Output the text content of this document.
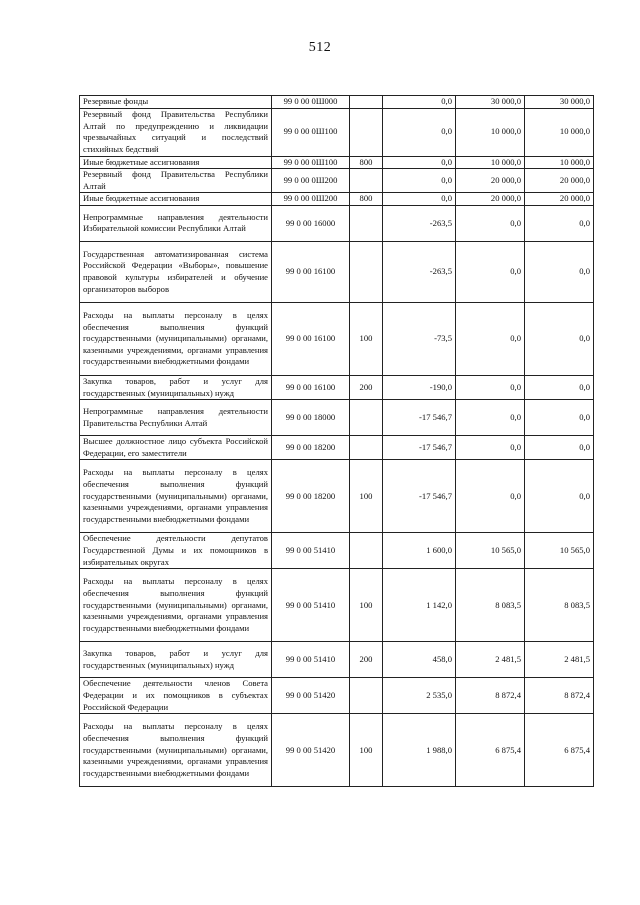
512
Резервные фонды	99 0 00 0Ш000		0,0	30 000,0	30 000,0
Резервный фонд Правительства Республики Алтай по предупреждению и ликвидации чрезвычайных ситуаций и последствий стихийных бедствий	99 0 00 0Ш100		0,0	10 000,0	10 000,0
Иные бюджетные ассигнования	99 0 00 0Ш100	800	0,0	10 000,0	10 000,0
Резервный фонд Правительства Республики Алтай	99 0 00 0Ш200		0,0	20 000,0	20 000,0
Иные бюджетные ассигнования	99 0 00 0Ш200	800	0,0	20 000,0	20 000,0
Непрограммные направления деятельности Избирательной комиссии Республики Алтай	99 0 00 16000		-263,5	0,0	0,0
Государственная автоматизированная система Российской Федерации «Выборы», повышение правовой культуры избирателей и обучение организаторов выборов	99 0 00 16100		-263,5	0,0	0,0
Расходы на выплаты персоналу в целях обеспечения выполнения функций государственными (муниципальными) органами, казенными учреждениями, органами управления государственными внебюджетными фондами	99 0 00 16100	100	-73,5	0,0	0,0
Закупка товаров, работ и услуг для государственных (муниципальных) нужд	99 0 00 16100	200	-190,0	0,0	0,0
Непрограммные направления деятельности Правительства Республики Алтай	99 0 00 18000		-17 546,7	0,0	0,0
Высшее должностное лицо субъекта Российской Федерации, его заместители	99 0 00 18200		-17 546,7	0,0	0,0
Расходы на выплаты персоналу в целях обеспечения выполнения функций государственными (муниципальными) органами, казенными учреждениями, органами управления государственными внебюджетными фондами	99 0 00 18200	100	-17 546,7	0,0	0,0
Обеспечение деятельности депутатов Государственной Думы и их помощников в избирательных округах	99 0 00 51410		1 600,0	10 565,0	10 565,0
Расходы на выплаты персоналу в целях обеспечения выполнения функций государственными (муниципальными) органами, казенными учреждениями, органами управления государственными внебюджетными фондами	99 0 00 51410	100	1 142,0	8 083,5	8 083,5
Закупка товаров, работ и услуг для государственных (муниципальных) нужд	99 0 00 51410	200	458,0	2 481,5	2 481,5
Обеспечение деятельности членов Совета Федерации и их помощников в субъектах Российской Федерации	99 0 00 51420		2 535,0	8 872,4	8 872,4
Расходы на выплаты персоналу в целях обеспечения выполнения функций государственными (муниципальными) органами, казенными учреждениями, органами управления государственными внебюджетными фондами	99 0 00 51420	100	1 988,0	6 875,4	6 875,4
